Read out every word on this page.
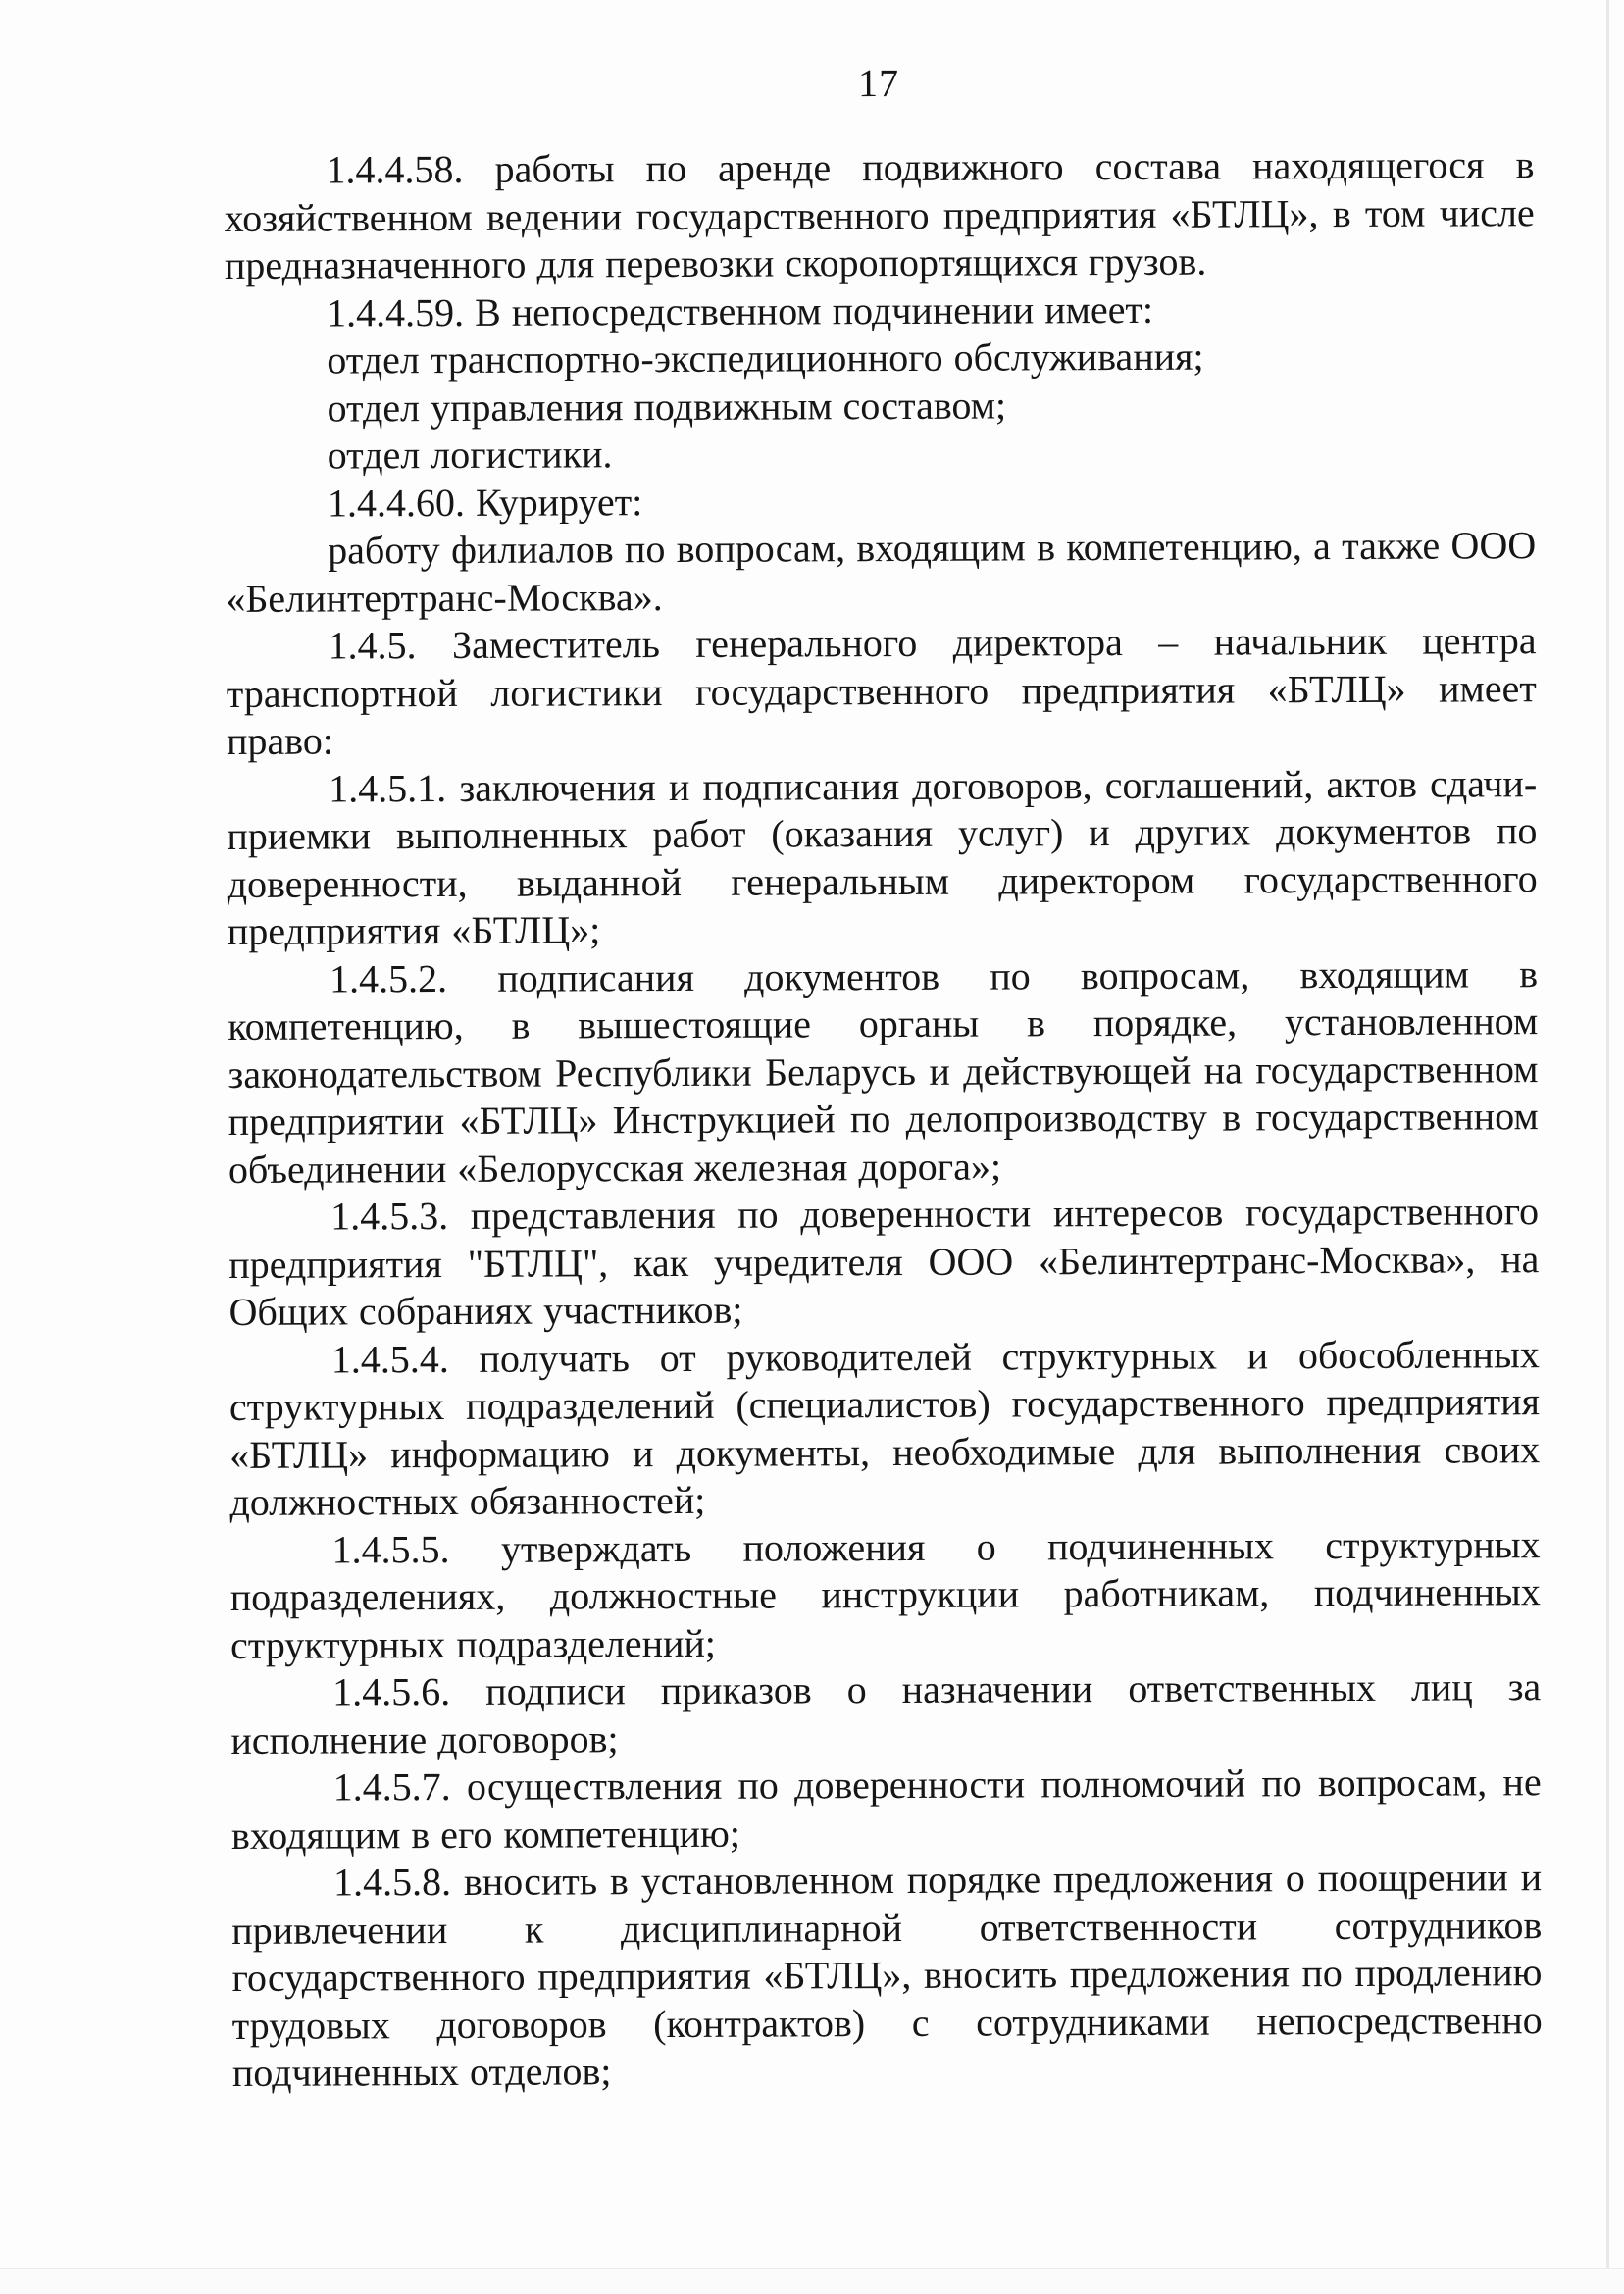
17

1.4.4.58. работы по аренде подвижного состава находящегося в хозяйственном ведении государственного предприятия «БТЛЦ», в том числе предназначенного для перевозки скоропортящихся грузов.

1.4.4.59. В непосредственном подчинении имеет:

отдел транспортно-экспедиционного обслуживания;

отдел управления подвижным составом;

отдел логистики.

1.4.4.60. Курирует:

работу филиалов по вопросам, входящим в компетенцию, а также ООО «Белинтертранс-Москва».

1.4.5. Заместитель генерального директора – начальник центра транспортной логистики государственного предприятия «БТЛЦ» имеет право:

1.4.5.1. заключения и подписания договоров, соглашений, актов сдачи-приемки выполненных работ (оказания услуг) и других документов по доверенности, выданной генеральным директором государственного предприятия «БТЛЦ»;

1.4.5.2. подписания документов по вопросам, входящим в компетенцию, в вышестоящие органы в порядке, установленном законодательством Республики Беларусь и действующей на государственном предприятии «БТЛЦ» Инструкцией по делопроизводству в государственном объединении «Белорусская железная дорога»;

1.4.5.3. представления по доверенности интересов государственного предприятия "БТЛЦ", как учредителя ООО «Белинтертранс-Москва», на Общих собраниях участников;

1.4.5.4. получать от руководителей структурных и обособленных структурных подразделений (специалистов) государственного предприятия «БТЛЦ» информацию и документы, необходимые для выполнения своих должностных обязанностей;

1.4.5.5. утверждать положения о подчиненных структурных подразделениях, должностные инструкции работникам, подчиненных структурных подразделений;

1.4.5.6. подписи приказов о назначении ответственных лиц за исполнение договоров;

1.4.5.7. осуществления по доверенности полномочий по вопросам, не входящим в его компетенцию;

1.4.5.8. вносить в установленном порядке предложения о поощрении и привлечении к дисциплинарной ответственности сотрудников государственного предприятия «БТЛЦ», вносить предложения по продлению трудовых договоров (контрактов) с сотрудниками непосредственно подчиненных отделов;
